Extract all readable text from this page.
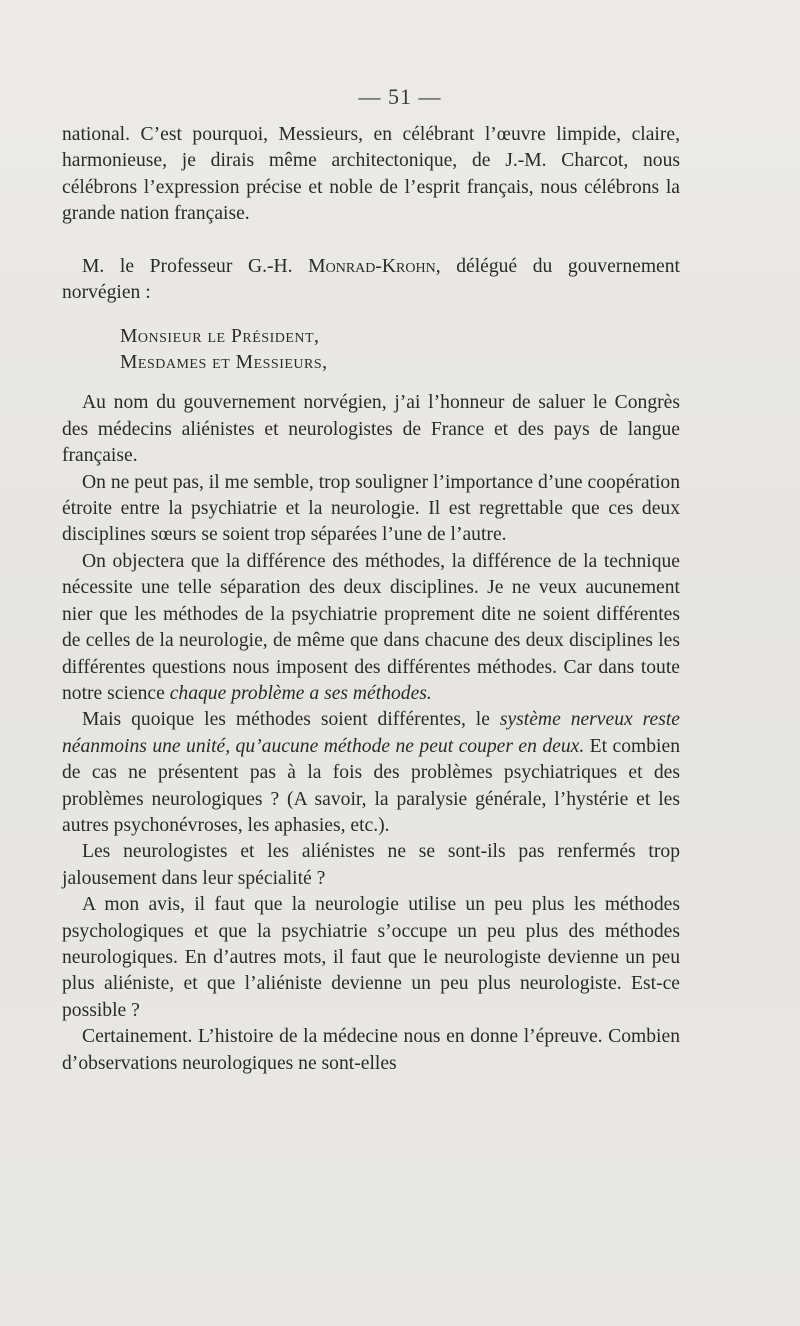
— 51 —

national. C’est pourquoi, Messieurs, en célébrant l’œuvre limpide, claire, harmonieuse, je dirais même architectonique, de J.-M. Charcot, nous célébrons l’expression précise et noble de l’esprit français, nous célébrons la grande nation française.

M. le Professeur G.-H. Monrad-Krohn, délégué du gouvernement norvégien :

Monsieur le Président,
Mesdames et Messieurs,

Au nom du gouvernement norvégien, j’ai l’honneur de saluer le Congrès des médecins aliénistes et neurologistes de France et des pays de langue française.

On ne peut pas, il me semble, trop souligner l’importance d’une coopération étroite entre la psychiatrie et la neurologie. Il est regrettable que ces deux disciplines sœurs se soient trop séparées l’une de l’autre.

On objectera que la différence des méthodes, la différence de la technique nécessite une telle séparation des deux disciplines. Je ne veux aucunement nier que les méthodes de la psychiatrie proprement dite ne soient différentes de celles de la neurologie, de même que dans chacune des deux disciplines les différentes questions nous imposent des différentes méthodes. Car dans toute notre science chaque problème a ses méthodes.

Mais quoique les méthodes soient différentes, le système nerveux reste néanmoins une unité, qu’aucune méthode ne peut couper en deux. Et combien de cas ne présentent pas à la fois des problèmes psychiatriques et des problèmes neurologiques ? (A savoir, la paralysie générale, l’hystérie et les autres psychonévroses, les aphasies, etc.).

Les neurologistes et les aliénistes ne se sont-ils pas renfermés trop jalousement dans leur spécialité ?

A mon avis, il faut que la neurologie utilise un peu plus les méthodes psychologiques et que la psychiatrie s’occupe un peu plus des méthodes neurologiques. En d’autres mots, il faut que le neurologiste devienne un peu plus aliéniste, et que l’aliéniste devienne un peu plus neurologiste. Est-ce possible ?

Certainement. L’histoire de la médecine nous en donne l’épreuve. Combien d’observations neurologiques ne sont-elles
